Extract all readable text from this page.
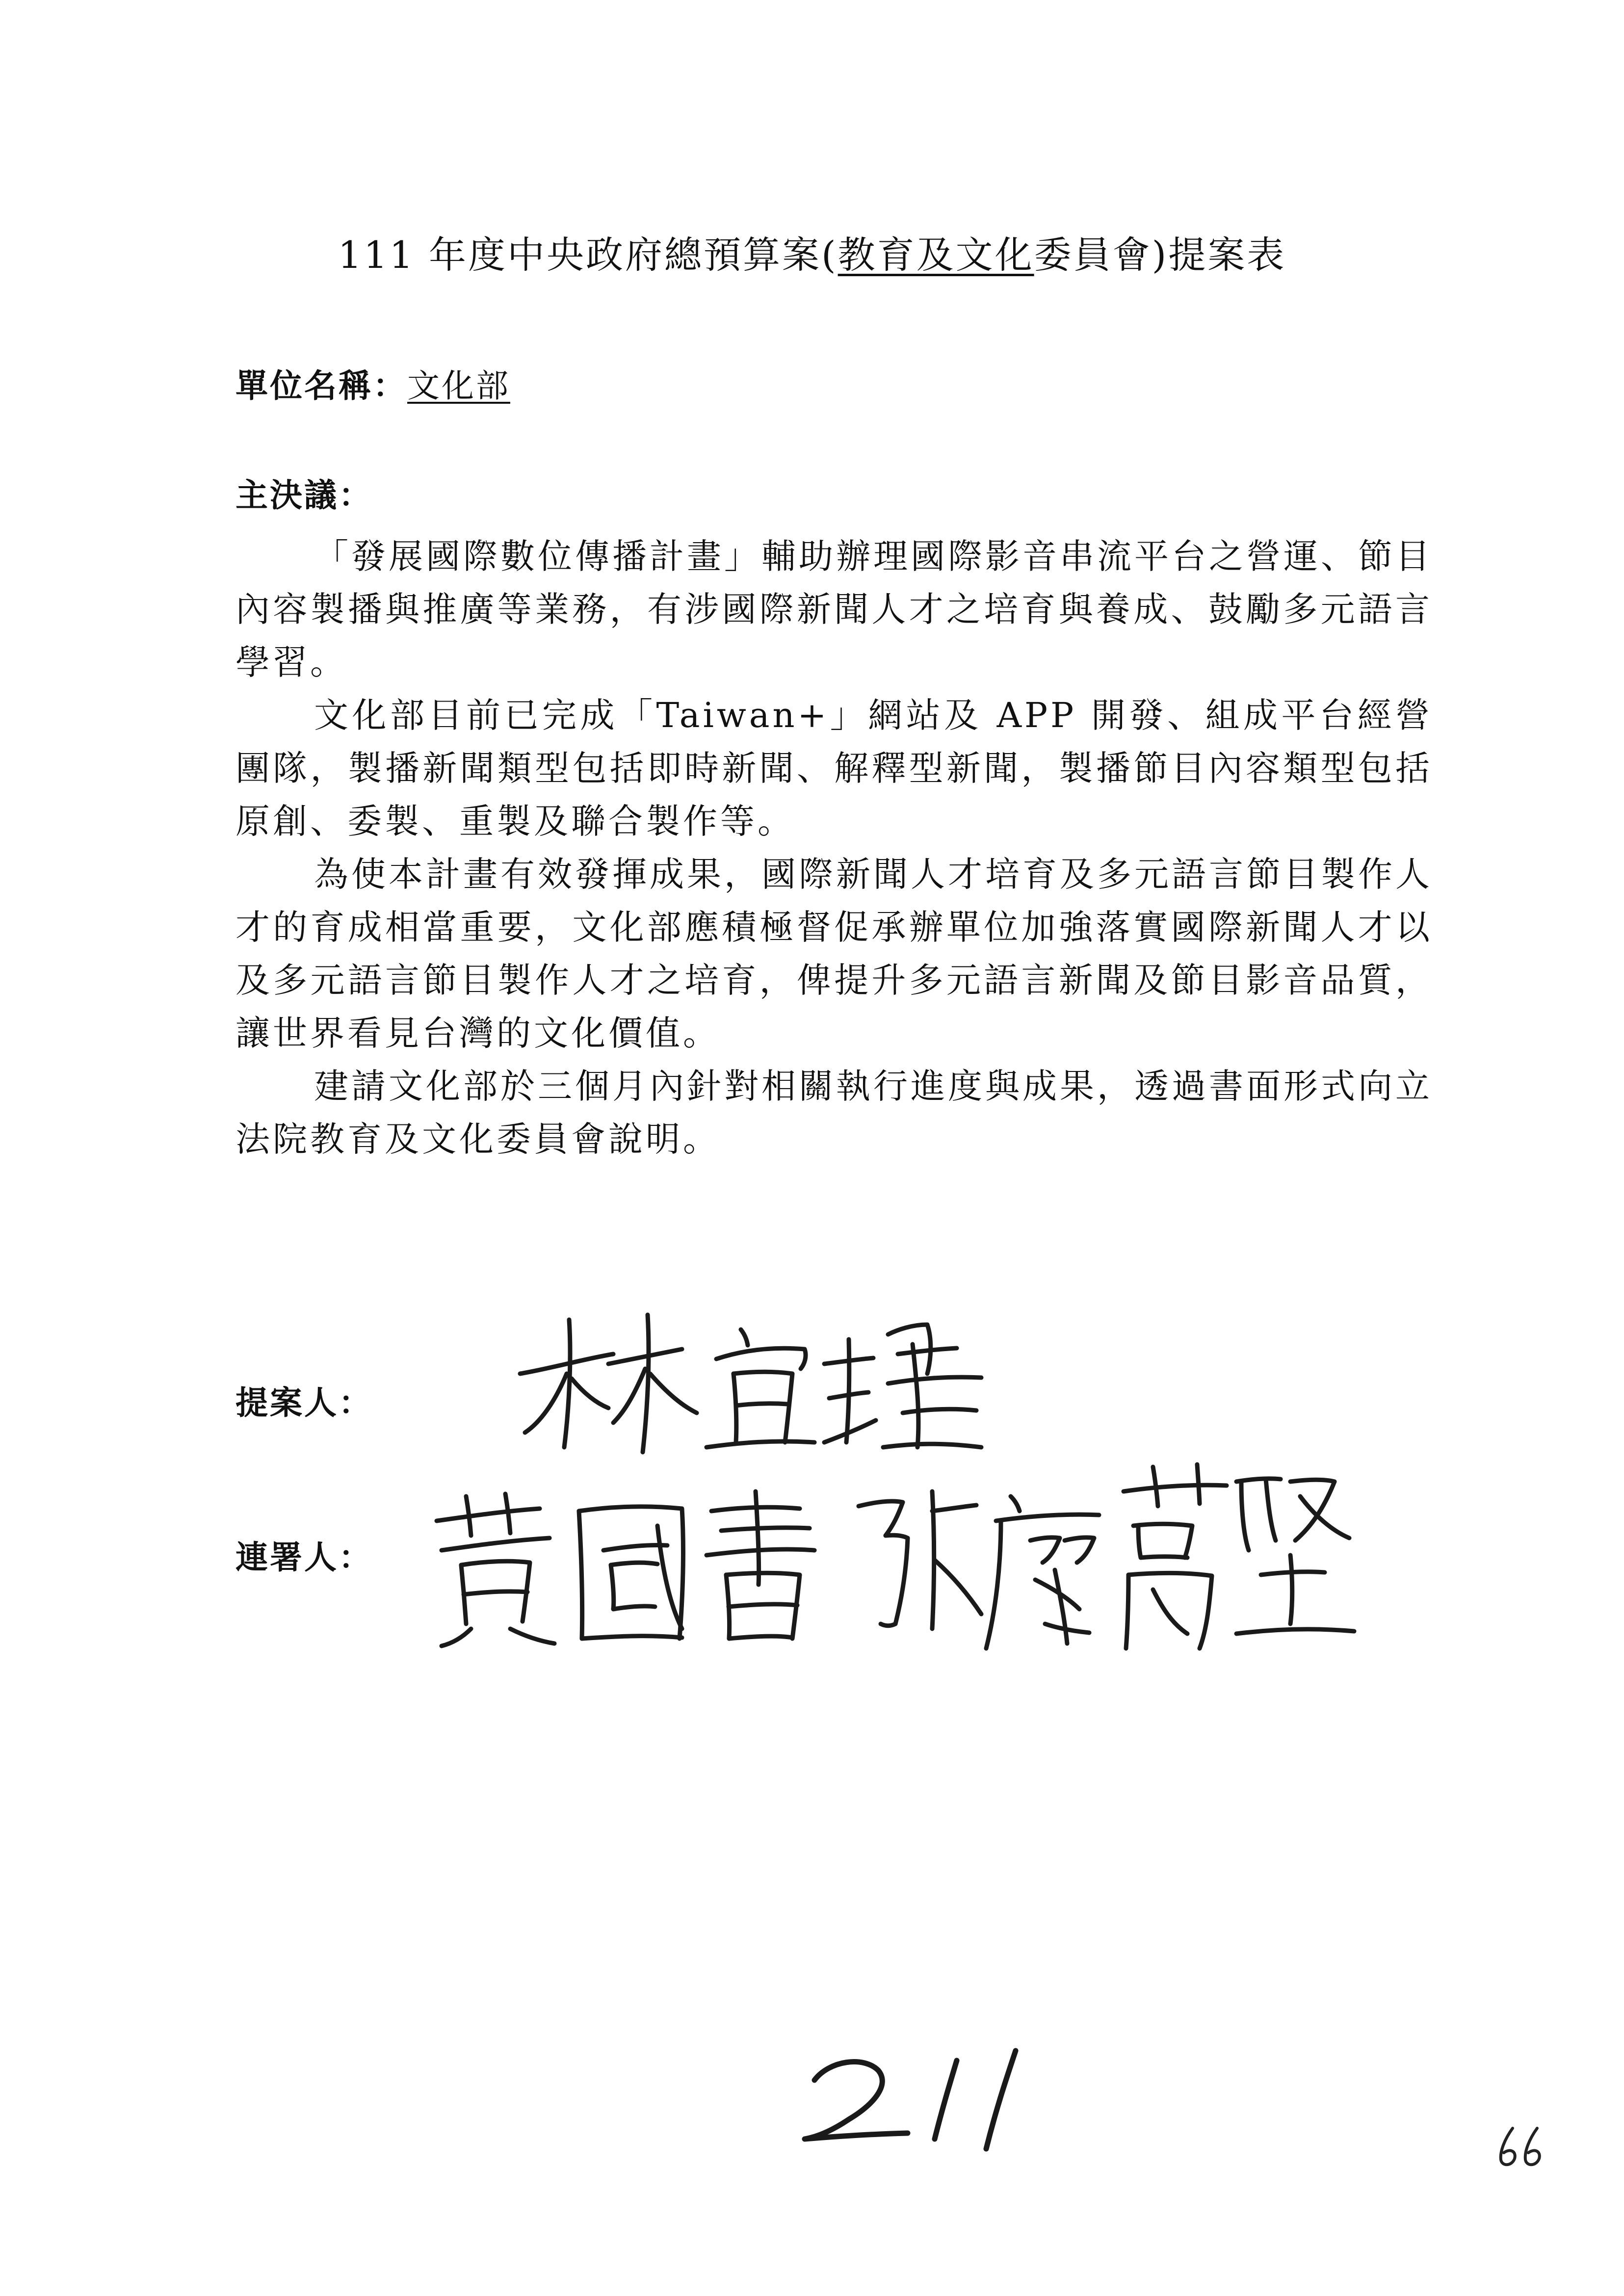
111 年度中央政府總預算案(教育及文化委員會)提案表
單位名稱：文化部
主決議：

「發展國際數位傳播計畫」輔助辦理國際影音串流平台之營運、節目內容製播與推廣等業務，有涉國際新聞人才之培育與養成、鼓勵多元語言學習。

文化部目前已完成「Taiwan+」網站及 APP 開發、組成平台經營團隊，製播新聞類型包括即時新聞、解釋型新聞，製播節目內容類型包括原創、委製、重製及聯合製作等。

為使本計畫有效發揮成果，國際新聞人才培育及多元語言節目製作人才的育成相當重要，文化部應積極督促承辦單位加強落實國際新聞人才以及多元語言節目製作人才之培育，俾提升多元語言新聞及節目影音品質，讓世界看見台灣的文化價值。

建請文化部於三個月內針對相關執行進度與成果，透過書面形式向立法院教育及文化委員會說明。

提案人：
連署人：
